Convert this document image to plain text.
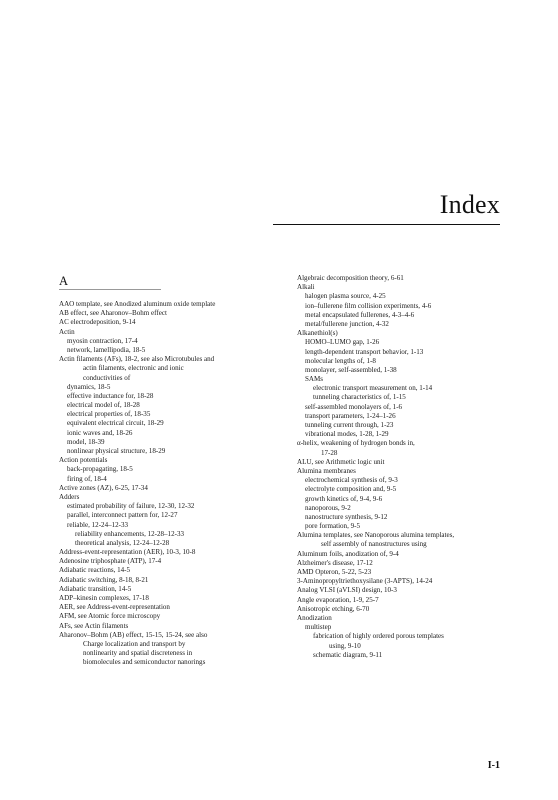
Index
A
AAO template, see Anodized aluminum oxide template
AB effect, see Aharonov–Bohm effect
AC electrodeposition, 9-14
Actin
myosin contraction, 17-4
network, lamellipodia, 18-5
Actin filaments (AFs), 18-2, see also Microtubules and
actin filaments, electronic and ionic
conductivities of
dynamics, 18-5
effective inductance for, 18-28
electrical model of, 18-28
electrical properties of, 18-35
equivalent electrical circuit, 18-29
ionic waves and, 18-26
model, 18-39
nonlinear physical structure, 18-29
Action potentials
back-propagating, 18-5
firing of, 18-4
Active zones (AZ), 6-25, 17-34
Adders
estimated probability of failure, 12-30, 12-32
parallel, interconnect pattern for, 12-27
reliable, 12-24–12-33
reliability enhancements, 12-28–12-33
theoretical analysis, 12-24–12-28
Address-event-representation (AER), 10-3, 10-8
Adenosine triphosphate (ATP), 17-4
Adiabatic reactions, 14-5
Adiabatic switching, 8-18, 8-21
Adiabatic transition, 14-5
ADP–kinesin complexes, 17-18
AER, see Address-event-representation
AFM, see Atomic force microscopy
AFs, see Actin filaments
Aharonov–Bohm (AB) effect, 15-15, 15-24, see also
Charge localization and transport by
nonlinearity and spatial discreteness in
biomolecules and semiconductor nanorings
Algebraic decomposition theory, 6-61
Alkali
halogen plasma source, 4-25
ion–fullerene film collision experiments, 4-6
metal encapsulated fullerenes, 4-3–4-6
metal/fullerene junction, 4-32
Alkanethiol(s)
HOMO–LUMO gap, 1-26
length-dependent transport behavior, 1-13
molecular lengths of, 1-8
monolayer, self-assembled, 1-38
SAMs
electronic transport measurement on, 1-14
tunneling characteristics of, 1-15
self-assembled monolayers of, 1-6
transport parameters, 1-24–1-26
tunneling current through, 1-23
vibrational modes, 1-28, 1-29
α-helix, weakening of hydrogen bonds in,
17-28
ALU, see Arithmetic logic unit
Alumina membranes
electrochemical synthesis of, 9-3
electrolyte composition and, 9-5
growth kinetics of, 9-4, 9-6
nanoporous, 9-2
nanostructure synthesis, 9-12
pore formation, 9-5
Alumina templates, see Nanoporous alumina templates,
self assembly of nanostructures using
Aluminum foils, anodization of, 9-4
Alzheimer's disease, 17-12
AMD Opteron, 5-22, 5-23
3-Aminopropyltriethoxysilane (3-APTS), 14-24
Analog VLSI (aVLSI) design, 10-3
Angle evaporation, 1-9, 25-7
Anisotropic etching, 6-70
Anodization
multistep
fabrication of highly ordered porous templates
using, 9-10
schematic diagram, 9-11
I-1
